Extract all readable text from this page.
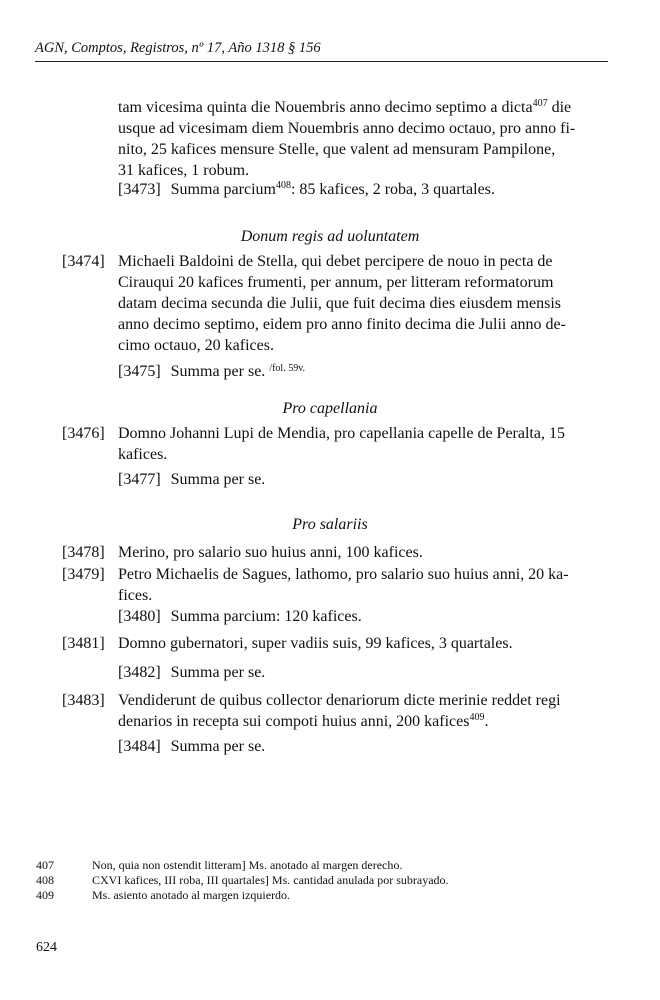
AGN, Comptos, Registros, nº 17, Año 1318 § 156
tam vicesima quinta die Nouembris anno decimo septimo a dicta$^{407}$ die
usque ad vicesimam diem Nouembris anno decimo octauo, pro anno fi-
nito, 25 kafices mensure Stelle, que valent ad mensuram Pampilone,
31 kafices, 1 robum.
[3473] Summa parcium$^{408}$: 85 kafices, 2 roba, 3 quartales.
Donum regis ad uoluntatem
[3474] Michaeli Baldoini de Stella, qui debet percipere de nouo in pecta de
Cirauqui 20 kafices frumenti, per annum, per litteram reformatorum
datam decima secunda die Julii, que fuit decima dies eiusdem mensis
anno decimo septimo, eidem pro anno finito decima die Julii anno de-
cimo octauo, 20 kafices.
[3475] Summa per se. $^{/fol. 59v.}$
Pro capellania
[3476] Domno Johanni Lupi de Mendia, pro capellania capelle de Peralta, 15
kafices.
[3477] Summa per se.
Pro salariis
[3478] Merino, pro salario suo huius anni, 100 kafices.
[3479] Petro Michaelis de Sagues, lathomo, pro salario suo huius anni, 20 ka-
fices.
[3480] Summa parcium: 120 kafices.
[3481] Domno gubernatori, super vadiis suis, 99 kafices, 3 quartales.
[3482] Summa per se.
[3483] Vendiderunt de quibus collector denariorum dicte merinie reddet regi
denarios in recepta sui compoti huius anni, 200 kafices$^{409}$.
[3484] Summa per se.
407	Non, quia non ostendit litteram] Ms. anotado al margen derecho.
408	CXVI kafices, III roba, III quartales] Ms. cantidad anulada por subrayado.
409	Ms. asiento anotado al margen izquierdo.
624
